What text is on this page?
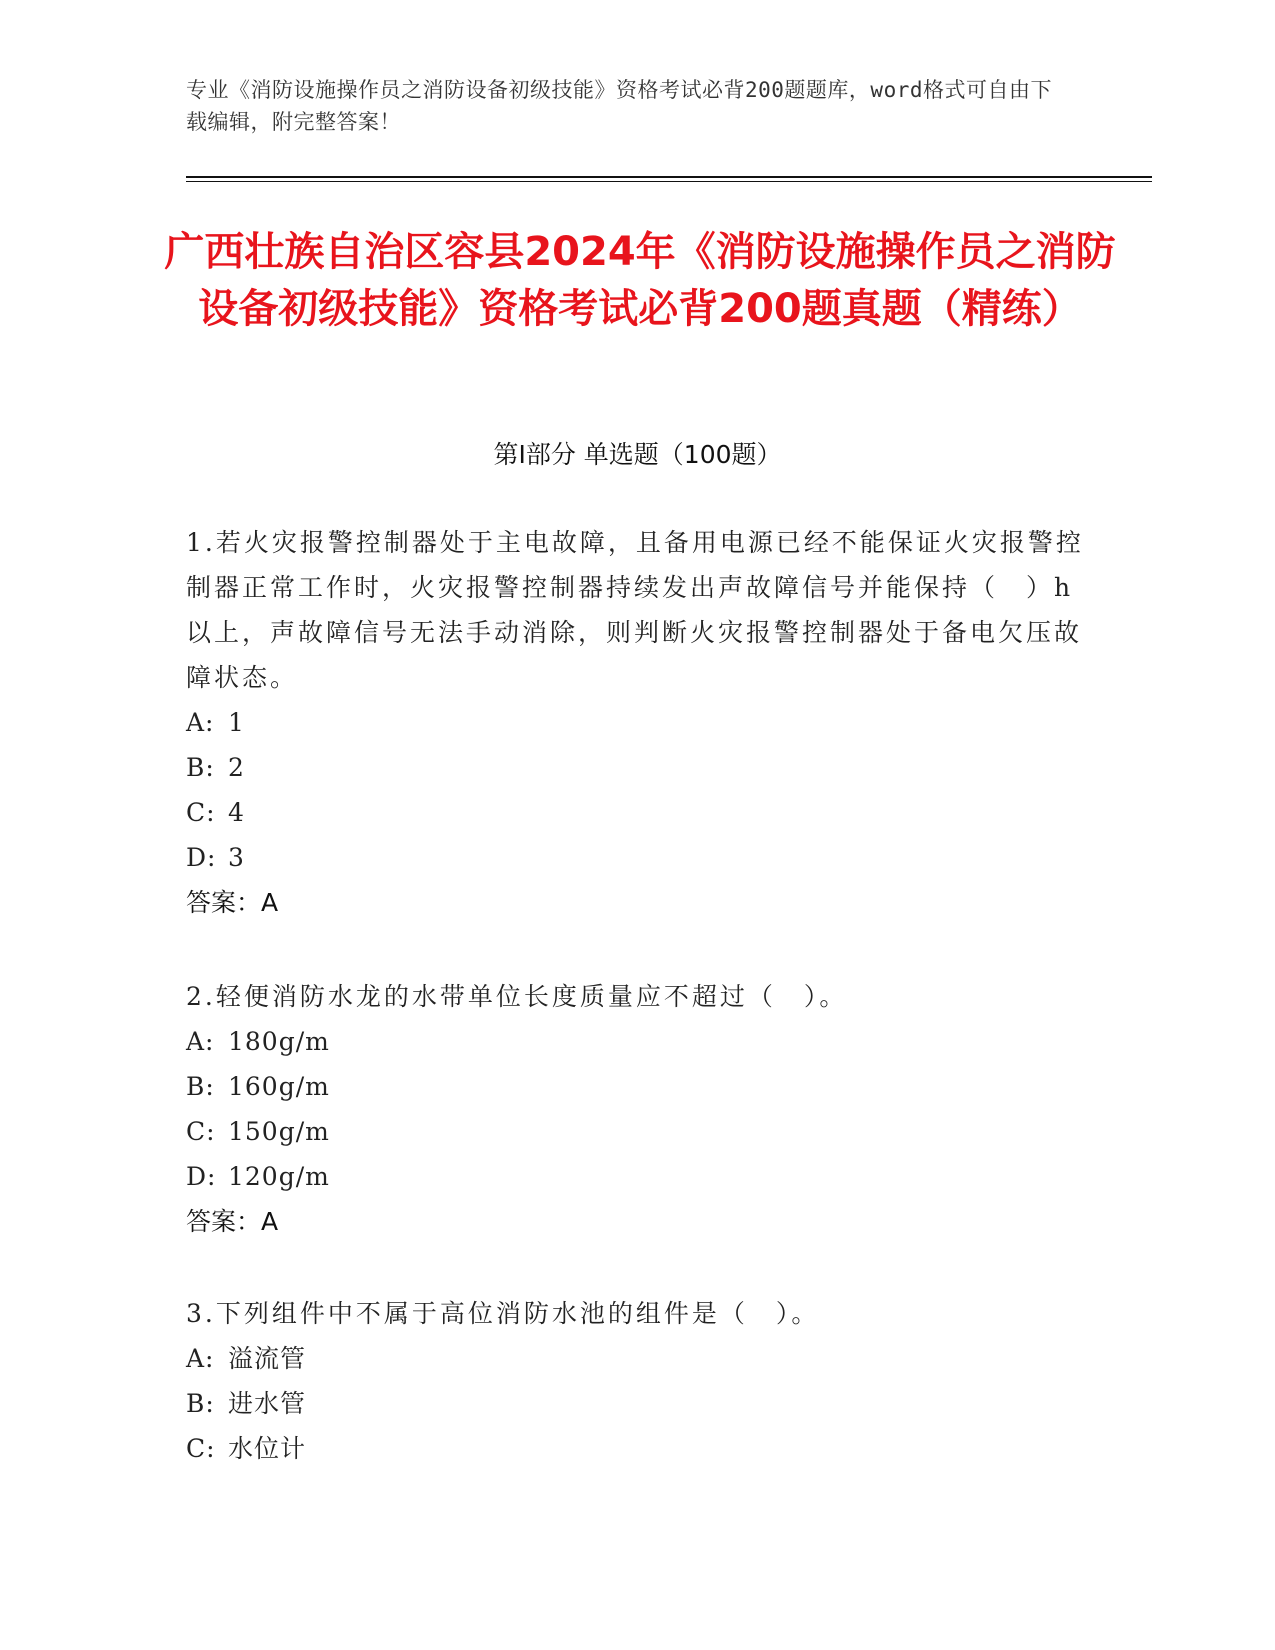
专业《消防设施操作员之消防设备初级技能》资格考试必背200题题库，word格式可自由下载编辑，附完整答案！
广西壮族自治区容县2024年《消防设施操作员之消防设备初级技能》资格考试必背200题真题（精练）
第Ⅰ部分 单选题（100题）

1.若火灾报警控制器处于主电故障，且备用电源已经不能保证火灾报警控制器正常工作时，火灾报警控制器持续发出声故障信号并能保持（　）h以上，声故障信号无法手动消除，则判断火灾报警控制器处于备电欠压故障状态。

A: 1

B: 2

C: 4

D: 3

答案：A

2.轻便消防水龙的水带单位长度质量应不超过（　）。

A: 180g/m

B: 160g/m

C: 150g/m

D: 120g/m

答案：A

3.下列组件中不属于高位消防水池的组件是（　）。

A: 溢流管

B: 进水管

C: 水位计
